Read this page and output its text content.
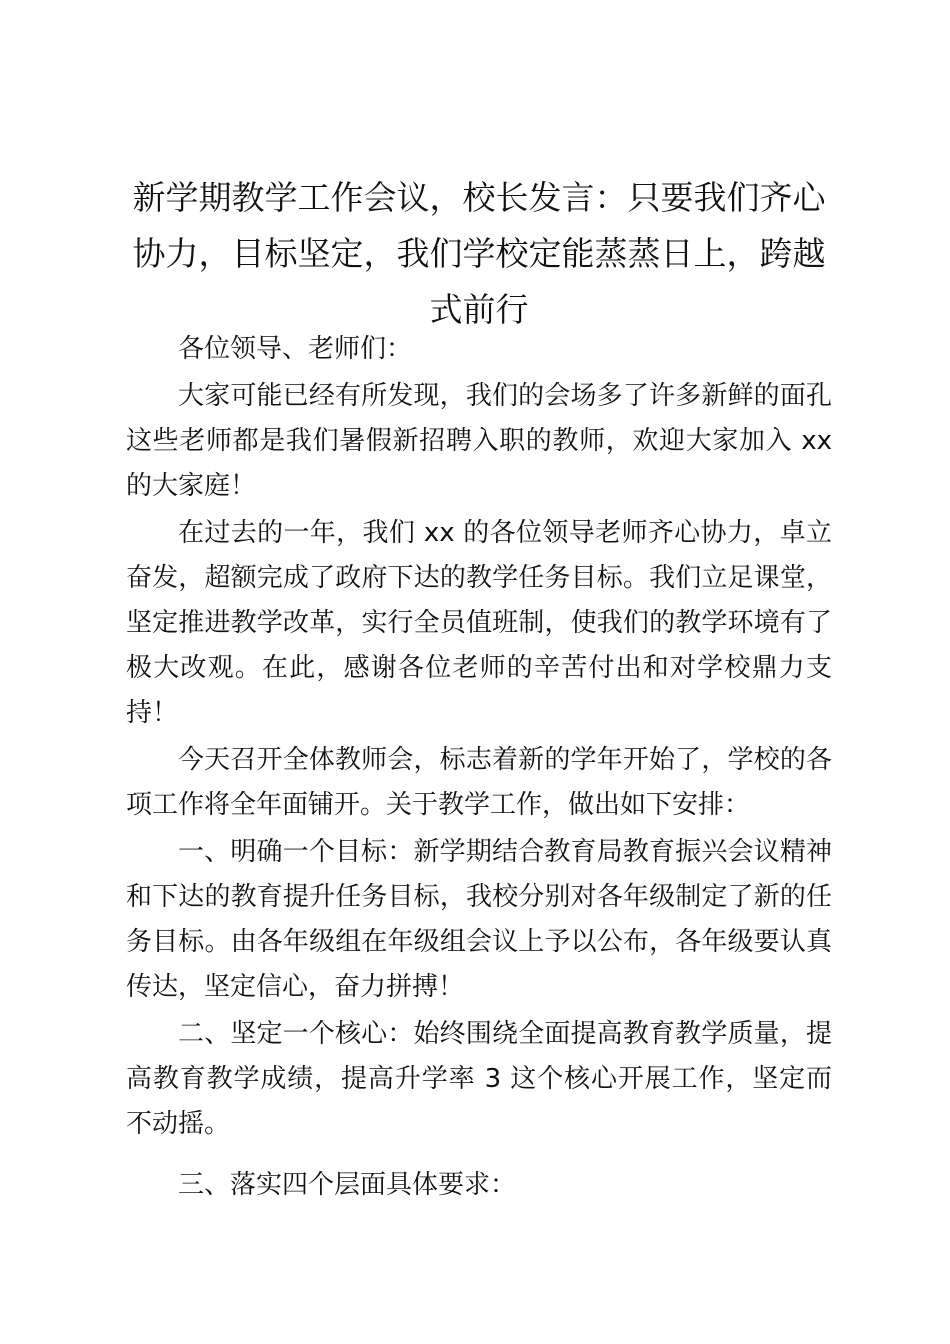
新学期教学工作会议，校长发言：只要我们齐心协力，目标坚定，我们学校定能蒸蒸日上，跨越式前行

各位领导、老师们：

大家可能已经有所发现，我们的会场多了许多新鲜的面孔这些老师都是我们暑假新招聘入职的教师，欢迎大家加入 xx 的大家庭！

在过去的一年，我们 xx 的各位领导老师齐心协力，卓立奋发，超额完成了政府下达的教学任务目标。我们立足课堂，坚定推进教学改革，实行全员值班制，使我们的教学环境有了极大改观。在此，感谢各位老师的辛苦付出和对学校鼎力支持！

今天召开全体教师会，标志着新的学年开始了，学校的各项工作将全年面铺开。关于教学工作，做出如下安排：

一、明确一个目标：新学期结合教育局教育振兴会议精神和下达的教育提升任务目标，我校分别对各年级制定了新的任务目标。由各年级组在年级组会议上予以公布，各年级要认真传达，坚定信心，奋力拼搏！

二、坚定一个核心：始终围绕全面提高教育教学质量，提高教育教学成绩，提高升学率 3 这个核心开展工作，坚定而不动摇。

三、落实四个层面具体要求：
